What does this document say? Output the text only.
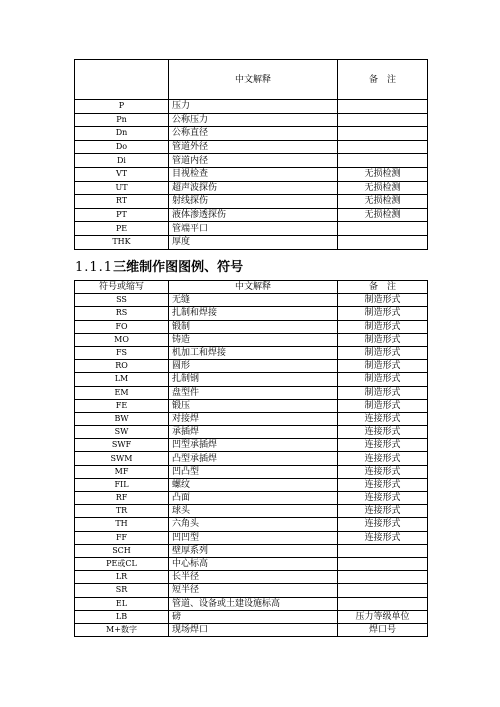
	中文解释	备　注
P	压力	
Pn	公称压力	
Dn	公称直径	
Do	管道外径	
Di	管道内径	
VT	目视检查	无损检测
UT	超声波探伤	无损检测
RT	射线探伤	无损检测
PT	液体渗透探伤	无损检测
PE	管端平口	
THK	厚度	
1.1.1三维制作图图例、符号
符号或缩写	中文解释	备　注
SS	无缝	制造形式
RS	扎制和焊接	制造形式
FO	锻制	制造形式
MO	铸造	制造形式
FS	机加工和焊接	制造形式
RO	圆形	制造形式
LM	扎制钢	制造形式
EM	盘型件	制造形式
FE	锻压	制造形式
BW	对接焊	连接形式
SW	承插焊	连接形式
SWF	凹型承插焊	连接形式
SWM	凸型承插焊	连接形式
MF	凹凸型	连接形式
FIL	螺纹	连接形式
RF	凸面	连接形式
TR	球头	连接形式
TH	六角头	连接形式
FF	凹凹型	连接形式
SCH	壁厚系列	
PE或CL	中心标高	
LR	长半径	
SR	短半径	
EL	管道、设备或土建设施标高	
LB	磅	压力等级单位
M+数字	现场焊口	焊口号
